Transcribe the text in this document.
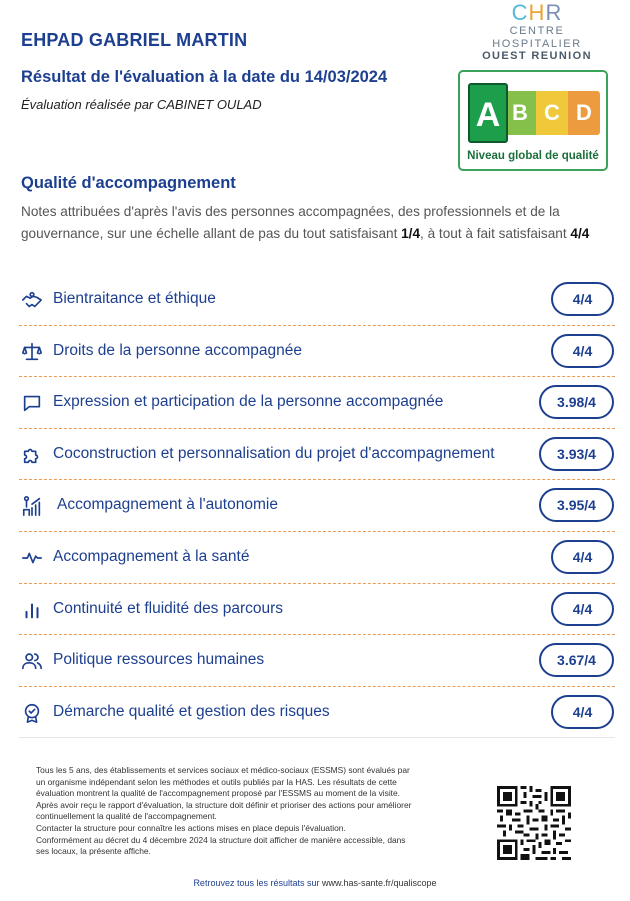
EHPAD GABRIEL MARTIN
Résultat de l'évaluation à la date du 14/03/2024
Évaluation réalisée par CABINET OULAD
CHR
CENTRE
HOSPITALIER
OUEST REUNION
B C D
A
Niveau global de qualité
Qualité d'accompagnement
Notes attribuées d'après l'avis des personnes accompagnées, des professionnels et de la gouvernance, sur une échelle allant de pas du tout satisfaisant 1/4, à tout à fait satisfaisant 4/4
Bientraitance et éthique	4/4
Droits de la personne accompagnée	4/4
Expression et participation de la personne accompagnée	3.98/4
Coconstruction et personnalisation du projet d'accompagnement	3.93/4
Accompagnement à l'autonomie	3.95/4
Accompagnement à la santé	4/4
Continuité et fluidité des parcours	4/4
Politique ressources humaines	3.67/4
Démarche qualité et gestion des risques	4/4
Tous les 5 ans, des établissements et services sociaux et médico-sociaux (ESSMS) sont évalués par
un organisme indépendant selon les méthodes et outils publiés par la HAS. Les résultats de cette
évaluation montrent la qualité de l'accompagnement proposé par l'ESSMS au moment de la visite.
Après avoir reçu le rapport d'évaluation, la structure doit définir et prioriser des actions pour améliorer
continuellement la qualité de l'accompagnement.
Contacter la structure pour connaître les actions mises en place depuis l'évaluation.
Conformément au décret du 4 décembre 2024 la structure doit afficher de manière accessible, dans
ses locaux, la présente affiche.
Retrouvez tous les résultats sur www.has-sante.fr/qualiscope
